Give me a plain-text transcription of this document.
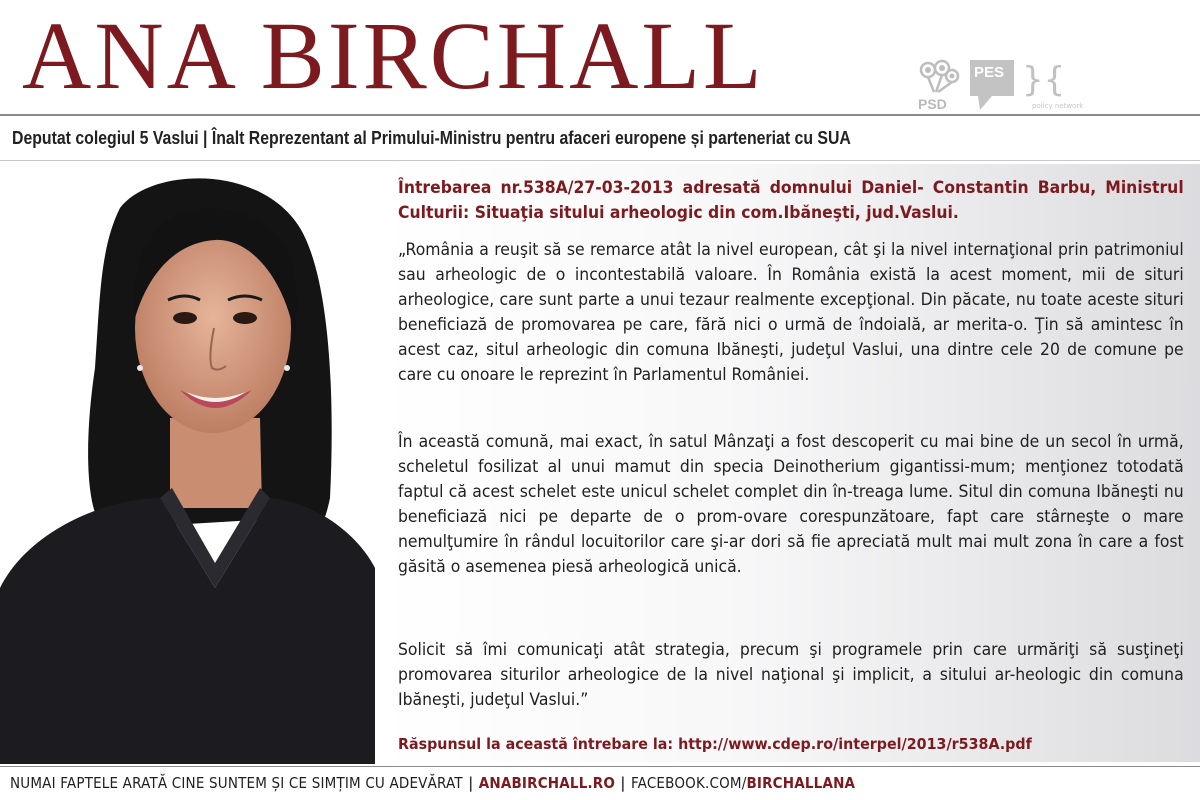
ANA BIRCHALL	PSD
PES }{
policy network
Deputat colegiul 5 Vaslui | Înalt Reprezentant al Primului-Ministru pentru afaceri europene și parteneriat cu SUA
Întrebarea nr.538A/27-03-2013 adresată domnului Daniel- Constantin Barbu, Ministrul Culturii: Situaţia sitului arheologic din com.Ibăneşti, jud.Vaslui.

„România a reuşit să se remarce atât la nivel european, cât şi la nivel internaţional prin patrimoniul sau arheologic de o incontestabilă valoare. În România există la acest moment, mii de situri arheologice, care sunt parte a unui tezaur realmente excepţional. Din păcate, nu toate aceste situri beneficiază de promovarea pe care, fără nici o urmă de îndoială, ar merita-o. Ţin să amintesc în acest caz, situl arheologic din comuna Ibăneşti, judeţul Vaslui, una dintre cele 20 de comune pe care cu onoare le reprezint în Parlamentul României.

În această comună, mai exact, în satul Mânzaţi a fost descoperit cu mai bine de un secol în urmă, scheletul fosilizat al unui mamut din specia Deinotherium gigantissi-mum; menţionez totodată faptul că acest schelet este unicul schelet complet din în-treaga lume. Situl din comuna Ibăneşti nu beneficiază nici pe departe de o prom-ovare corespunzătoare, fapt care stârneşte o mare nemulţumire în rândul locuitorilor care şi-ar dori să fie apreciată mult mai mult zona în care a fost găsită o asemenea piesă arheologică unică.

Solicit să îmi comunicaţi atât strategia, precum şi programele prin care urmăriţi să susţineţi promovarea siturilor arheologice de la nivel naţional şi implicit, a sitului ar-heologic din comuna Ibăneşti, judeţul Vaslui.”

Răspunsul la această întrebare la: http://www.cdep.ro/interpel/2013/r538A.pdf
NUMAI FAPTELE ARATĂ CINE SUNTEM ȘI CE SIMȚIM CU ADEVĂRAT | ANABIRCHALL.RO | FACEBOOK.COM/BIRCHALLANA
